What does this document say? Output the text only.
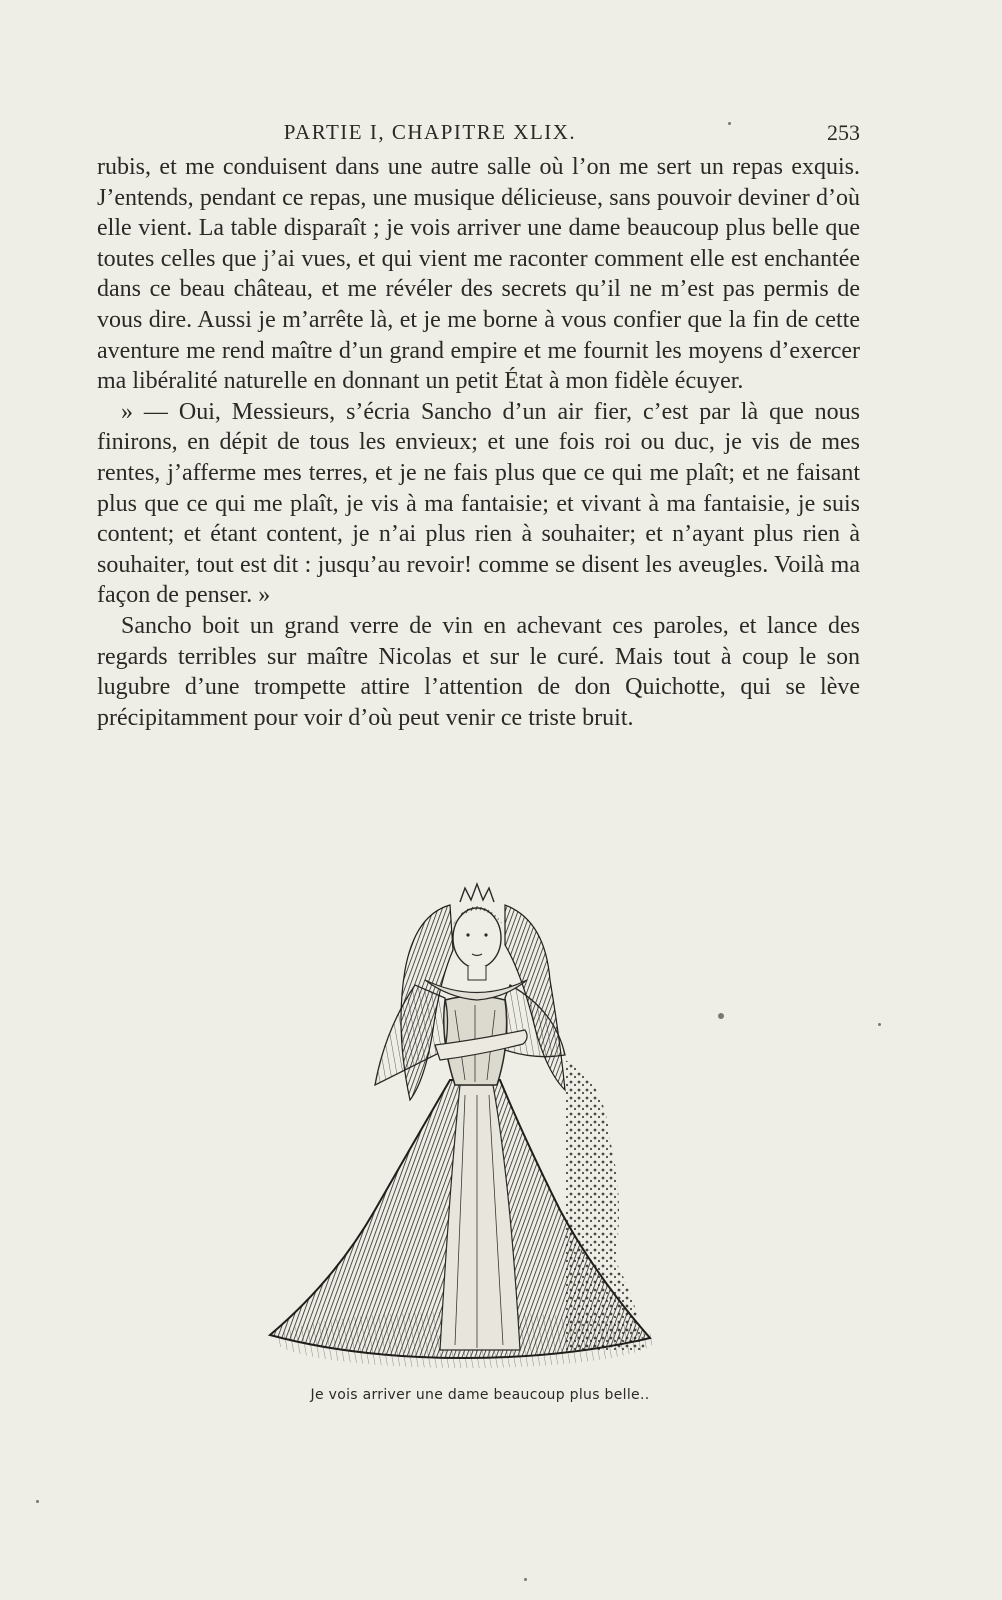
PARTIE I, CHAPITRE XLIX.	253

rubis, et me conduisent dans une autre salle où l’on me sert un repas exquis. J’entends, pendant ce repas, une musique délicieuse, sans pouvoir deviner d’où elle vient. La table disparaît ; je vois arriver une dame beaucoup plus belle que toutes celles que j’ai vues, et qui vient me raconter comment elle est enchantée dans ce beau château, et me révéler des secrets qu’il ne m’est pas permis de vous dire. Aussi je m’arrête là, et je me borne à vous confier que la fin de cette aventure me rend maître d’un grand empire et me fournit les moyens d’exercer ma libéralité naturelle en donnant un petit État à mon fidèle écuyer.

» — Oui, Messieurs, s’écria Sancho d’un air fier, c’est par là que nous finirons, en dépit de tous les envieux; et une fois roi ou duc, je vis de mes rentes, j’afferme mes terres, et je ne fais plus que ce qui me plaît; et ne faisant plus que ce qui me plaît, je vis à ma fantaisie; et vivant à ma fantaisie, je suis content; et étant content, je n’ai plus rien à souhaiter; et n’ayant plus rien à souhaiter, tout est dit : jusqu’au revoir! comme se disent les aveugles. Voilà ma façon de penser. »

Sancho boit un grand verre de vin en achevant ces paroles, et lance des regards terribles sur maître Nicolas et sur le curé. Mais tout à coup le son lugubre d’une trompette attire l’attention de don Quichotte, qui se lève précipitamment pour voir d’où peut venir ce triste bruit.

Je vois arriver une dame beaucoup plus belle..
